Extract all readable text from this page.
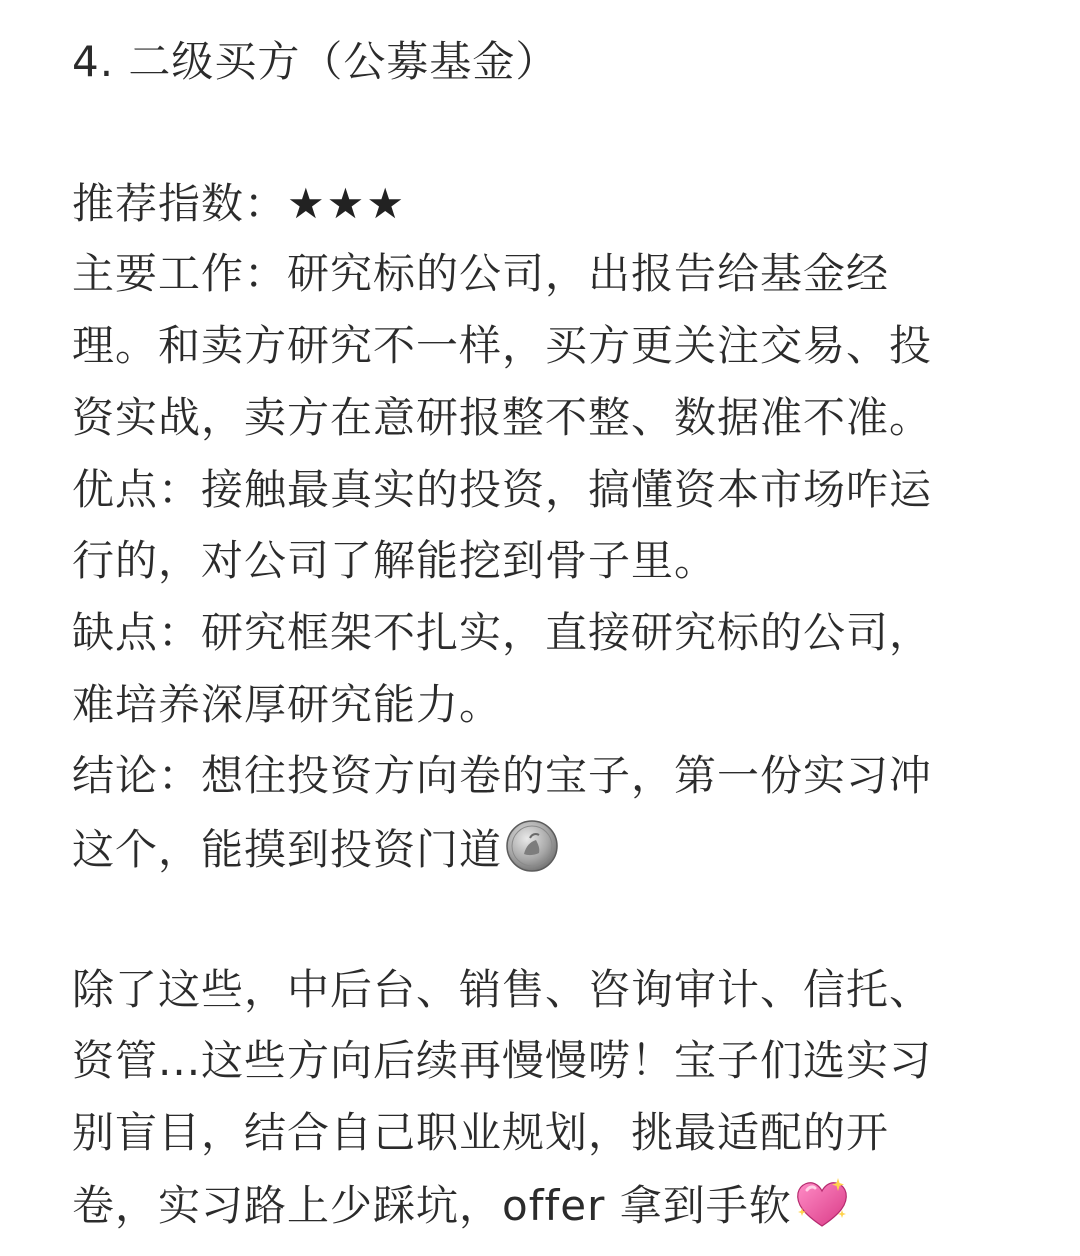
4. 二级买方（公募基金）
推荐指数：★★★
主要工作：研究标的公司，出报告给基金经
理。和卖方研究不一样，买方更关注交易、投
资实战，卖方在意研报整不整、数据准不准。
优点：接触最真实的投资，搞懂资本市场咋运
行的，对公司了解能挖到骨子里。
缺点：研究框架不扎实，直接研究标的公司，
难培养深厚研究能力。
结论：想往投资方向卷的宝子，第一份实习冲
这个，能摸到投资门道
除了这些，中后台、销售、咨询审计、信托、
资管...这些方向后续再慢慢唠！宝子们选实习
别盲目，结合自己职业规划，挑最适配的开
卷，实习路上少踩坑，offer 拿到手软
